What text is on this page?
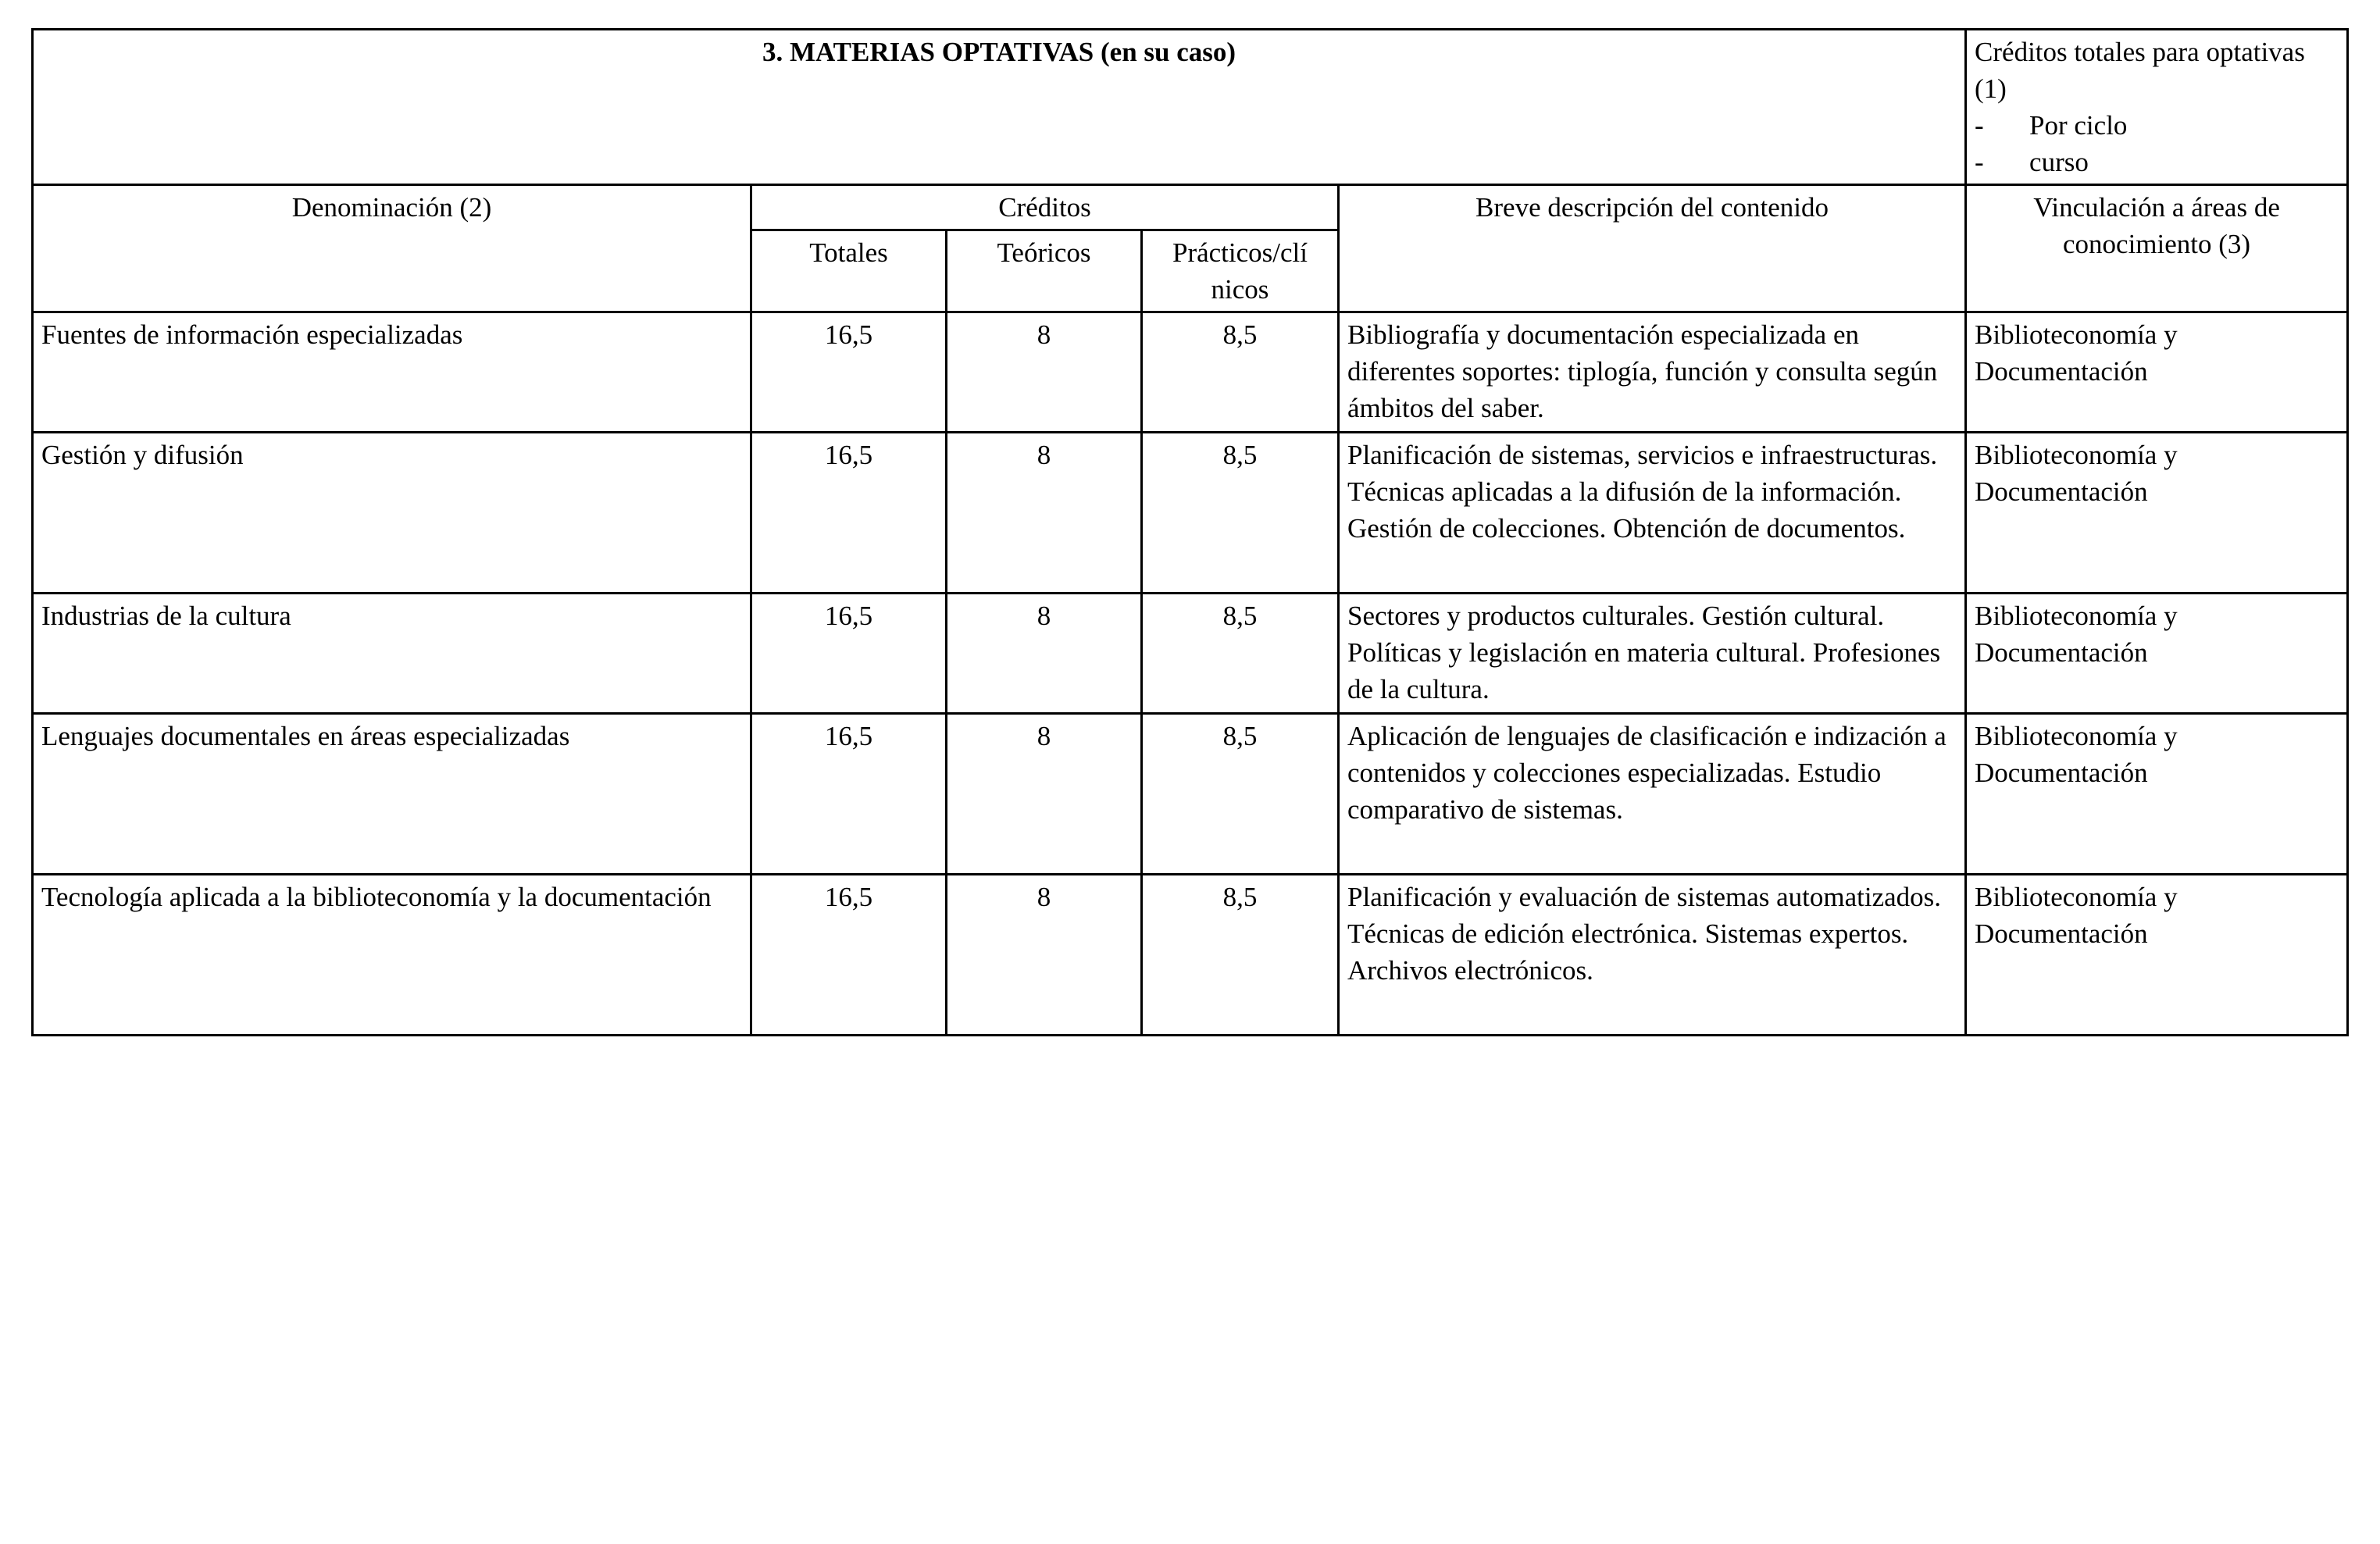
3. MATERIAS OPTATIVAS (en su caso)					Créditos totales para optativas (1)
- Por ciclo
- curso

Denominación (2)	Créditos			Breve descripción del contenido	Vinculación a áreas de conocimiento (3)
	Totales	Teóricos	Prácticos/clí
nicos		
Fuentes de información especializadas	16,5	8	8,5	Bibliografía y documentación especializada en diferentes soportes: tiplogía, función y consulta según ámbitos del saber.	Biblioteconomía y Documentación
Gestión y difusión	16,5	8	8,5	Planificación de sistemas, servicios e infraestructuras. Técnicas aplicadas a la difusión de la información. Gestión de colecciones. Obtención de documentos.	Biblioteconomía y Documentación
Industrias de la cultura	16,5	8	8,5	Sectores y productos culturales. Gestión cultural. Políticas y legislación en materia cultural. Profesiones de la cultura.	Biblioteconomía y Documentación
Lenguajes documentales en áreas especializadas	16,5	8	8,5	Aplicación de lenguajes de clasificación e indización a contenidos y colecciones especializadas. Estudio comparativo de sistemas.	Biblioteconomía y Documentación
Tecnología aplicada a la biblioteconomía y la documentación	16,5	8	8,5	Planificación y evaluación de sistemas automatizados. Técnicas de edición electrónica. Sistemas expertos. Archivos electrónicos.	Biblioteconomía y Documentación
